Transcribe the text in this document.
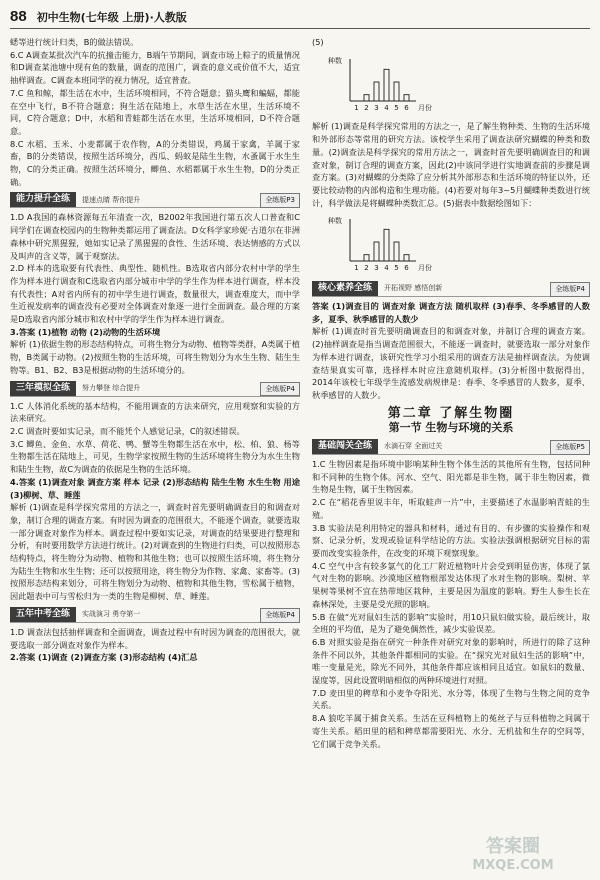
88 初中生物(七年级 上册)·人教版

蟋等进行统计归类，B的做法错误。

6.C A调查某批次汽车的抗撞击能力，B端午节期间，调查市场上粽子的质量情况和D调查某池塘中现有鱼的数量，调查的范围广，调查的意义或价值不大，适宜抽样调查。C调查本班同学的视力情况，适宜普查。

7.C 鱼和鲸，都生活在水中，生活环境相同，不符合题意；猫头鹰和蝙蝠，都能在空中飞行，B不符合题意；狗生活在陆地上，水草生活在水里，生活环境不同，C符合题意；D中，水稻和青蛙都生活在水里，生活环境相同，D不符合题意。

8.C 水稻、玉米、小麦都属于农作物，A的分类错误，鸡属于家禽，羊属于家畜，B的分类错误，按照生活环境分，西瓜、蚂蚁是陆生生物，水蚤属于水生生物，C的分类正确。按照生活环境分，鲫鱼、水稻都属于水生生物，D的分类正确。

能力提升全练	提速点睛 帮你提升	全练版P3

1.D A我国的森林资源每五年清查一次，B2002年我国进行第五次人口普查和C同学们在调查校园内的生物种类都运用了调查法。D女科学家珍妮·古道尔在非洲森林中研究黑猩猩，她如实记录了黑猩猩的食性、生活环境、表达情感的方式以及叫声的含义等，属于观察法。

2.D 样本的选取要有代表性、典型性、随机性。B选取省内部分农村中学的学生作为样本进行调查和C选取省内部分城市中学的学生作为样本进行调查，样本没有代表性；A对省内所有的初中学生进行调查，数量很大，调查难度大，而中学生近视发病率的调查没有必要对全体调查对象逐一进行全面调查。最合理的方案是D选取省内部分城市和农村中学的学生作为样本进行调查。

3.答案 (1)植物 动物 (2)动物的生活环境

解析 (1)依据生物的形态结构特点，可将生物分为动物、植物等类群，A类属于植物，B类属于动物。(2)按照生物的生活环境，可将生物划分为水生生物、陆生生物等。B1、B2、B3是根据动物的生活环境分的。

三年模拟全练	努力攀登 综合提升	全练版P4

1.C 人体消化系统的基本结构，不能用调查的方法来研究，应用观察和实验的方法来研究。

2.C 调查时要如实记录，而不能凭个人感觉记录，C的叙述错误。

3.C 鲫鱼、金鱼、水草、荷花、鸭、蟹等生物都生活在水中，松、柏、狼、杨等生物都生活在陆地上，可见，生物学家按照生物的生活环境将生物分为水生生物和陆生生物，故C为调查的依据是生物的生活环境。

4.答案 (1)调查对象 调查方案 样本 记录 (2)形态结构 陆生生物 水生生物 用途 (3)柳树、草、睡莲

解析 (1)调查是科学探究常用的方法之一，调查时首先要明确调查目的和调查对象，制订合理的调查方案。有时因为调查的范围很大，不能逐个调查，就要选取一部分调查对象作为样本。调查过程中要如实记录，对调查的结果要进行整理和分析，有时要用数学方法进行统计。(2)对调查到的生物进行归类，可以按照形态结构特点，将生物分为动物、植物和其他生物；也可以按照生活环境，将生物分为陆生生物和水生生物；还可以按照用途，将生物分为作物、家禽、家畜等。(3)按照形态结构来划分，可将生物划分为动物、植物和其他生物，雪松属于植物，因此题表中可与雪松归为一类的生物是柳树、草、睡莲。

五年中考全练	实战演习 勇夺第一	全练版P4

1.D 调查法包括抽样调查和全面调查，调查过程中有时因为调查的范围很大，就要选取一部分调查对象作为样本。

2.答案 (1)调查 (2)调查方案 (3)形态结构 (4)汇总

(5)
种数
月份
1 2 3 4 5 6

解析 (1)调查是科学探究常用的方法之一，是了解生物种类、生物的生活环境和外部形态等常用的研究方法。该校学生采用了调查法研究蝴蝶的种类和数量。(2)调查法是科学探究的常用方法之一，调查时首先要明确调查目的和调查对象，制订合理的调查方案，因此(2)中该同学进行实地调查前的步骤是调查方案。(3)对蝴蝶的分类除了应分析其外部形态和生活环境的特征以外，还要比较动物的内部构造和生理功能。(4)若要对每年3~5月蝴蝶种类数进行统计，科学做法是将蝴蝶种类数汇总。(5)据表中数据绘图如下：

种数
月份
1 2 3 4 5 6
核心素养全练	开拓视野 感悟创新	全练版P4

答案 (1)调查目的 调查对象 调查方法 随机取样 (3)春季、冬季感冒的人数多，夏季、秋季感冒的人数少

解析 (1)调查时首先要明确调查目的和调查对象，并制订合理的调查方案。(2)抽样调查是指当调查范围很大，不能逐一调查时，就要选取一部分对象作为样本进行调查，该研究性学习小组采用的调查方法是抽样调查法。为使调查结果真实可靠，选择样本时应注意随机取样。(3)分析图中数据得出，2014年该校七年级学生流感发病规律是：春季、冬季感冒的人数多，夏季、秋季感冒的人数少。

第二章 了解生物圈
第一节 生物与环境的关系
基础闯关全练	水滴石穿 全面过关	全练版P5

1.C 生物因素是指环境中影响某种生物个体生活的其他所有生物，包括同种和不同种的生物个体。河水、空气、阳光都是非生物，属于非生物因素，微生物是生物，属于生物因素。

2.C 在“稻花香里说丰年，听取蛙声一片”中，主要描述了水温影响青蛙的生殖。

3.B 实验法是利用特定的器具和材料，通过有目的、有步骤的实验操作和观察、记录分析，发现或验证科学结论的方法。实验法强调根据研究目标的需要而改变实验条件，在改变的环境下观察现象。

4.C 空气中含有较多氯气的化工厂附近植物叶片会受到明显伤害，体现了氯气对生物的影响。沙漠地区植物根部发达体现了水对生物的影响。梨树、苹果树等果树不宜在热带地区栽种，主要是因为温度的影响。野生人参生长在森林深处，主要是受光照的影响。

5.B 在做“光对鼠妇生活的影响”实验时，用10只鼠妇做实验，最后统计，取全班的平均值，是为了避免偶然性，减少实验误差。

6.B 对照实验是指在研究一种条件对研究对象的影响时，所进行的除了这种条件不同以外，其他条件都相同的实验。在“探究光对鼠妇生活的影响”中，唯一变量是光，除光不同外，其他条件都应该相同且适宜。如鼠妇的数量、湿度等，因此设置明暗相似的两种环境进行对照。

7.D 麦田里的稗草和小麦争夺阳光、水分等，体现了生物与生物之间的竞争关系。

8.A 狼吃羊属于捕食关系。生活在豆科植物上的菟丝子与豆科植物之间属于寄生关系。稻田里的稻和稗草都需要阳光、水分、无机盐和生存的空间等，它们属于竞争关系。

答案圈
MXQE.COM
